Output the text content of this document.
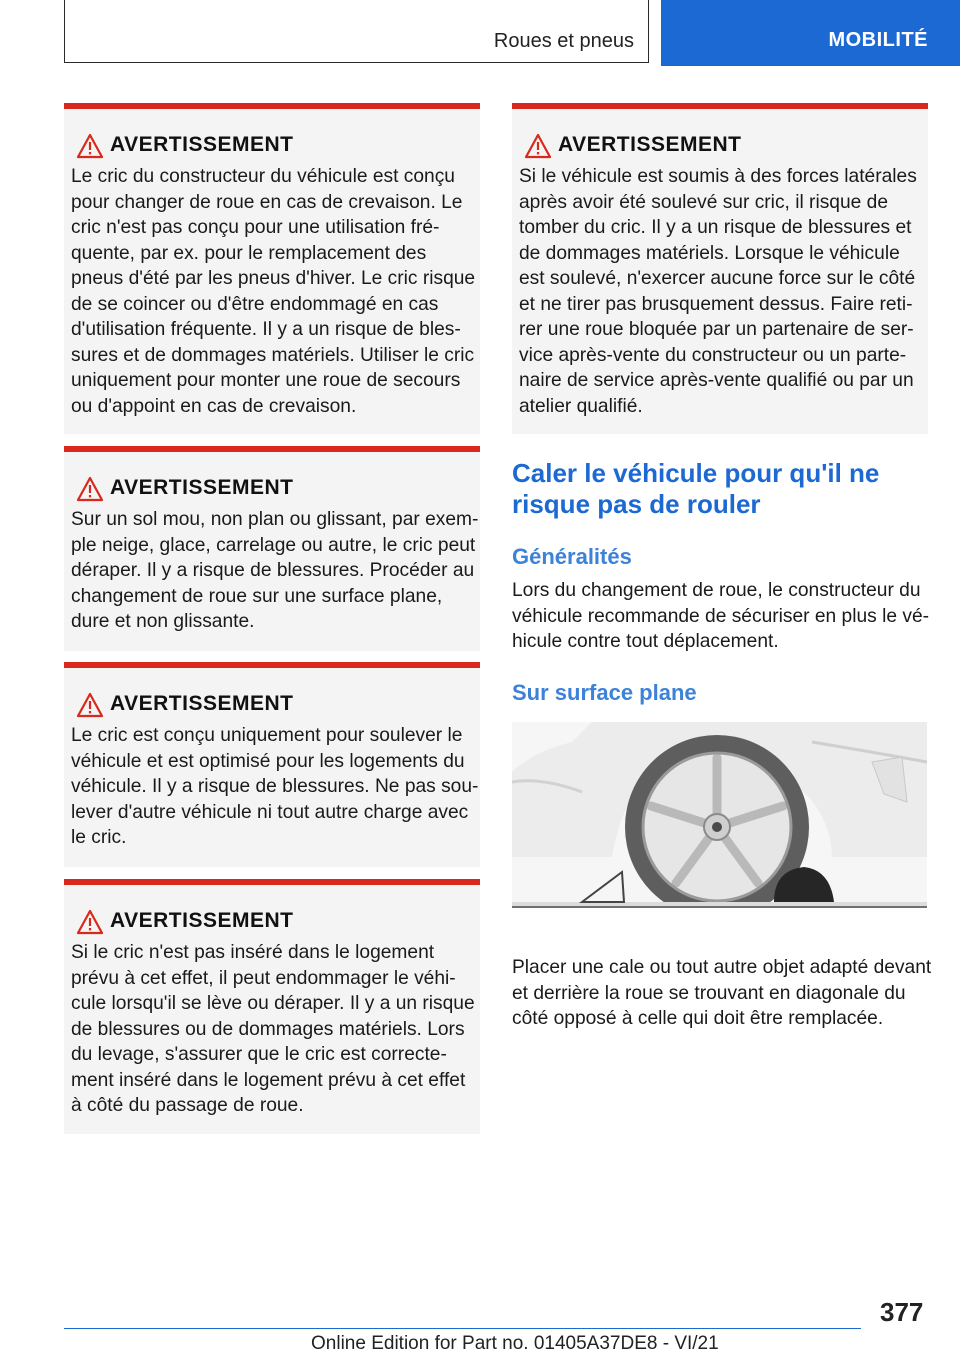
Roues et pneus	MOBILITÉ
AVERTISSEMENT
Le cric du constructeur du véhicule est conçu
pour changer de roue en cas de crevaison. Le
cric n'est pas conçu pour une utilisation fré‐
quente, par ex. pour le remplacement des
pneus d'été par les pneus d'hiver. Le cric risque
de se coincer ou d'être endommagé en cas
d'utilisation fréquente. Il y a un risque de bles‐
sures et de dommages matériels. Utiliser le cric
uniquement pour monter une roue de secours
ou d'appoint en cas de crevaison.
AVERTISSEMENT
Sur un sol mou, non plan ou glissant, par exem‐
ple neige, glace, carrelage ou autre, le cric peut
déraper. Il y a risque de blessures. Procéder au
changement de roue sur une surface plane,
dure et non glissante.
AVERTISSEMENT
Le cric est conçu uniquement pour soulever le
véhicule et est optimisé pour les logements du
véhicule. Il y a risque de blessures. Ne pas sou‐
lever d'autre véhicule ni tout autre charge avec
le cric.
AVERTISSEMENT
Si le cric n'est pas inséré dans le logement
prévu à cet effet, il peut endommager le véhi‐
cule lorsqu'il se lève ou déraper. Il y a un risque
de blessures ou de dommages matériels. Lors
du levage, s'assurer que le cric est correcte‐
ment inséré dans le logement prévu à cet effet
à côté du passage de roue.
AVERTISSEMENT
Si le véhicule est soumis à des forces latérales
après avoir été soulevé sur cric, il risque de
tomber du cric. Il y a un risque de blessures et
de dommages matériels. Lorsque le véhicule
est soulevé, n'exercer aucune force sur le côté
et ne tirer pas brusquement dessus. Faire reti‐
rer une roue bloquée par un partenaire de ser‐
vice après-vente du constructeur ou un parte‐
naire de service après-vente qualifié ou par un
atelier qualifié.
Caler le véhicule pour qu'il ne
risque pas de rouler
Généralités
Lors du changement de roue, le constructeur du
véhicule recommande de sécuriser en plus le vé‐
hicule contre tout déplacement.
Sur surface plane
Placer une cale ou tout autre objet adapté devant
et derrière la roue se trouvant en diagonale du
côté opposé à celle qui doit être remplacée.
377
Online Edition for Part no. 01405A37DE8 - VI/21
